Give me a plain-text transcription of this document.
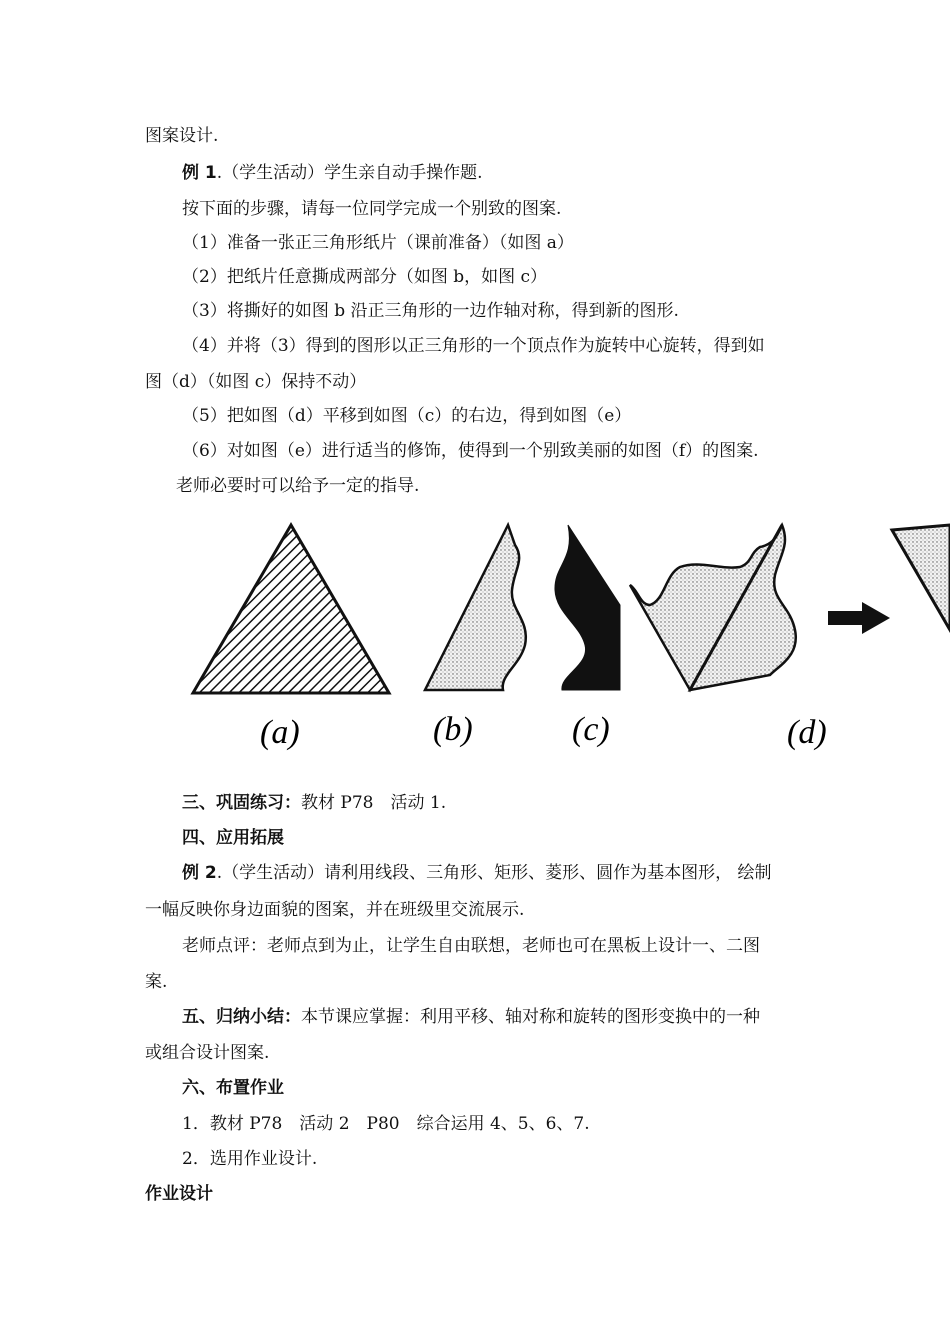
图案设计.
例 1.（学生活动）学生亲自动手操作题.
按下面的步骤，请每一位同学完成一个别致的图案.
（1）准备一张正三角形纸片（课前准备）（如图 a）
（2）把纸片任意撕成两部分（如图 b，如图 c）
（3）将撕好的如图 b 沿正三角形的一边作轴对称，得到新的图形.
（4）并将（3）得到的图形以正三角形的一个顶点作为旋转中心旋转，得到如
图（d）（如图 c）保持不动）
（5）把如图（d）平移到如图（c）的右边，得到如图（e）
（6）对如图（e）进行适当的修饰，使得到一个别致美丽的如图（f）的图案.
老师必要时可以给予一定的指导.
三、巩固练习：教材 P78　活动 1.
四、应用拓展
例 2.（学生活动）请利用线段、三角形、矩形、菱形、圆作为基本图形， 绘制
一幅反映你身边面貌的图案，并在班级里交流展示.
老师点评：老师点到为止，让学生自由联想，老师也可在黑板上设计一、二图
案.
五、归纳小结：本节课应掌握：利用平移、轴对称和旋转的图形变换中的一种
或组合设计图案.
六、布置作业
1．教材 P78　活动 2　P80　综合运用 4、5、6、7.
2．选用作业设计.
作业设计
(a)	(b)	(c)	(d)
